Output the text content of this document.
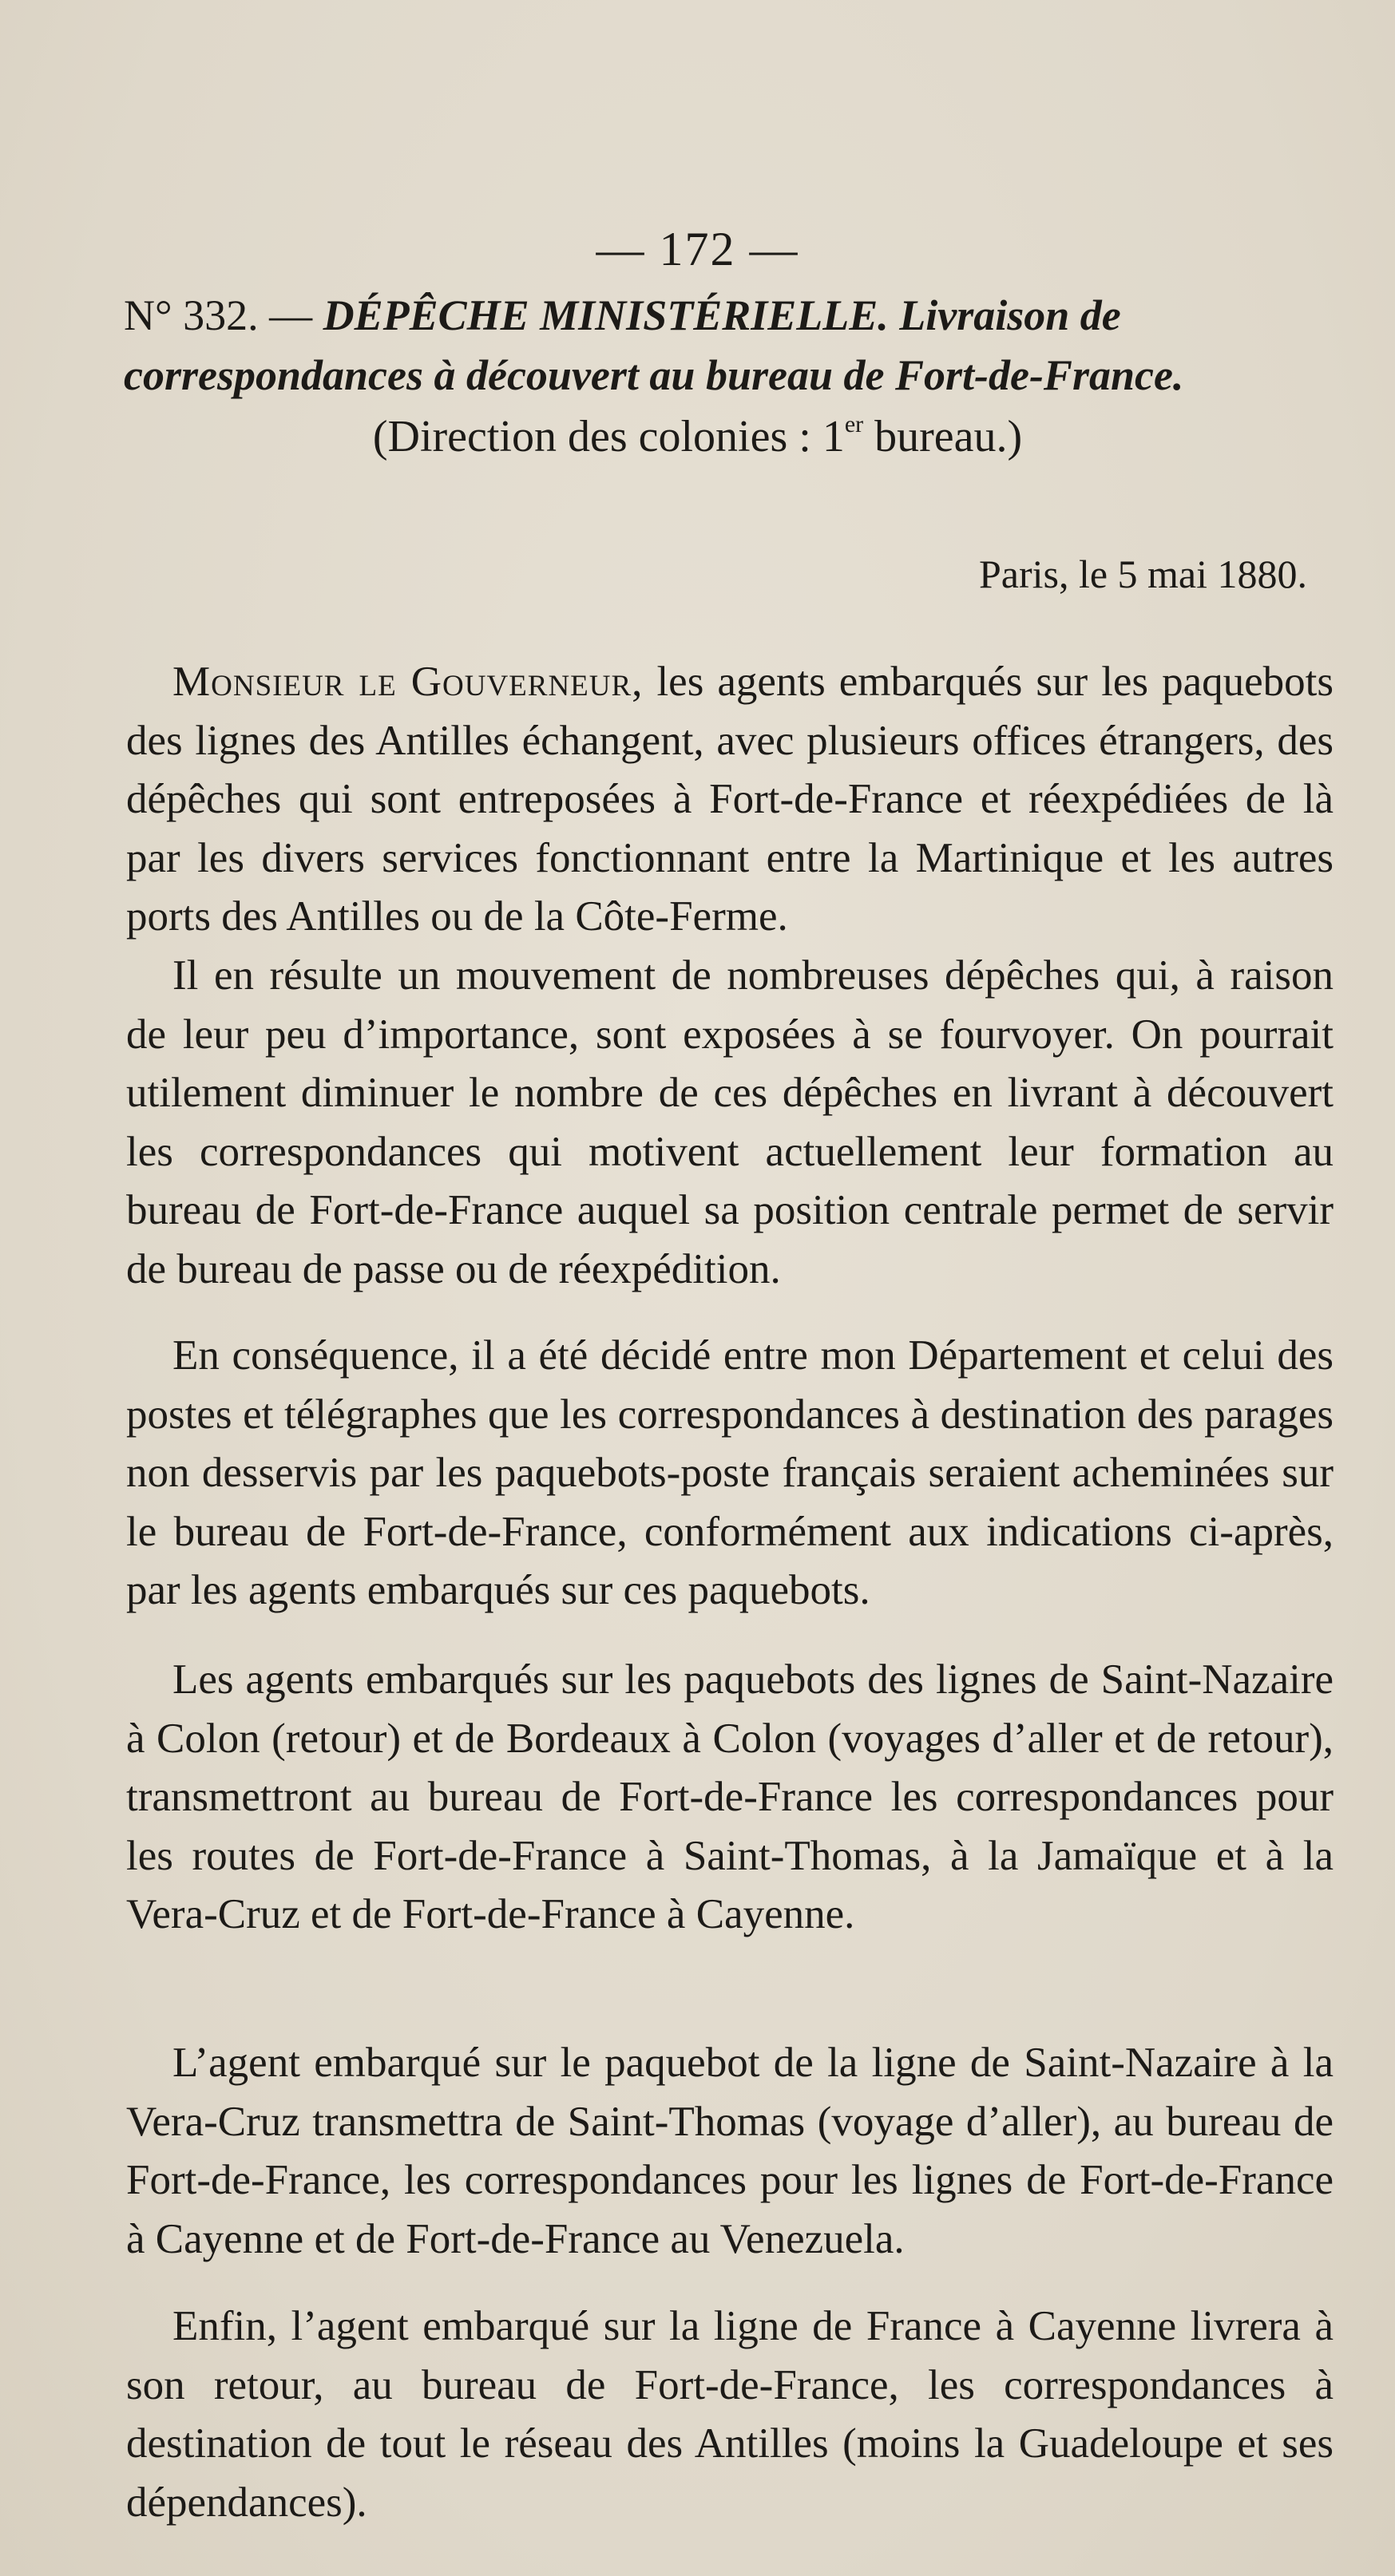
— 172 —
N° 332. — DÉPÊCHE MINISTÉRIELLE. Livraison de correspondances à découvert au bureau de Fort-de-France.
(Direction des colonies : 1er bureau.)
Paris, le 5 mai 1880.

Monsieur le Gouverneur, les agents embarqués sur les paquebots des lignes des Antilles échangent, avec plusieurs offices étrangers, des dépêches qui sont entreposées à Fort-de-France et réexpédiées de là par les divers services fonctionnant entre la Martinique et les autres ports des Antilles ou de la Côte-Ferme.

Il en résulte un mouvement de nombreuses dépêches qui, à raison de leur peu d’importance, sont exposées à se fourvoyer. On pourrait utilement diminuer le nombre de ces dépêches en livrant à découvert les correspondances qui motivent actuellement leur formation au bureau de Fort-de-France auquel sa position centrale permet de servir de bureau de passe ou de réexpédition.

En conséquence, il a été décidé entre mon Département et celui des postes et télégraphes que les correspondances à destination des parages non desservis par les paquebots-poste français seraient acheminées sur le bureau de Fort-de-France, conformément aux indications ci-après, par les agents embarqués sur ces paquebots.

Les agents embarqués sur les paquebots des lignes de Saint-Nazaire à Colon (retour) et de Bordeaux à Colon (voyages d’aller et de retour), transmettront au bureau de Fort-de-France les correspondances pour les routes de Fort-de-France à Saint-Thomas, à la Jamaïque et à la Vera-Cruz et de Fort-de-France à Cayenne.

L’agent embarqué sur le paquebot de la ligne de Saint-Nazaire à la Vera-Cruz transmettra de Saint-Thomas (voyage d’aller), au bureau de Fort-de-France, les correspondances pour les lignes de Fort-de-France à Cayenne et de Fort-de-France au Venezuela.

Enfin, l’agent embarqué sur la ligne de France à Cayenne livrera à son retour, au bureau de Fort-de-France, les correspondances à destination de tout le réseau des Antilles (moins la Guadeloupe et ses dépendances).
